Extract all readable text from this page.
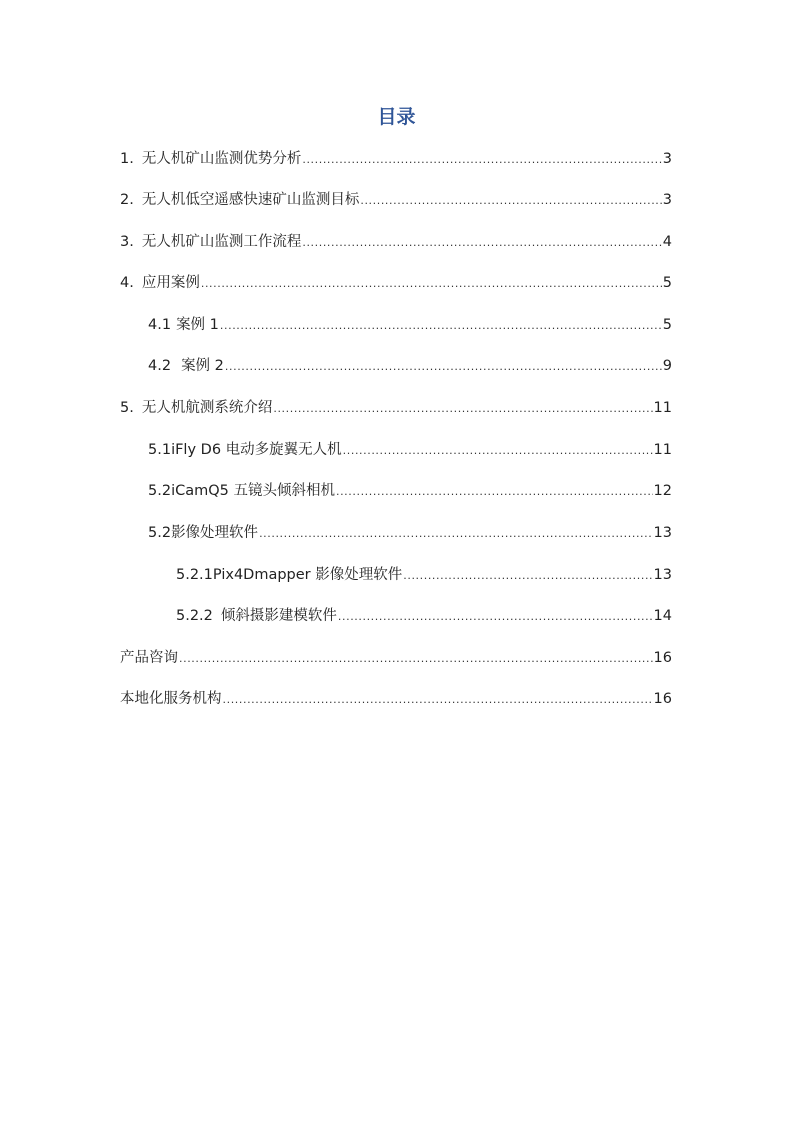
目录
1. 无人机矿山监测优势分析 .....	3
2. 无人机低空遥感快速矿山监测目标 .....	3
3. 无人机矿山监测工作流程 .....	4
4. 应用案例 .....	5
4.1 案例 1 .....	5
4.2 案例 2 .....	9
5. 无人机航测系统介绍 .....	11
5.1 iFly D6 电动多旋翼无人机 .....	11
5.2 iCamQ5 五镜头倾斜相机 .....	12
5.2 影像处理软件 .....	13
5.2.1 Pix4Dmapper 影像处理软件 .....	13
5.2.2 倾斜摄影建模软件 .....	14
产品咨询 .....	16
本地化服务机构 .....	16
